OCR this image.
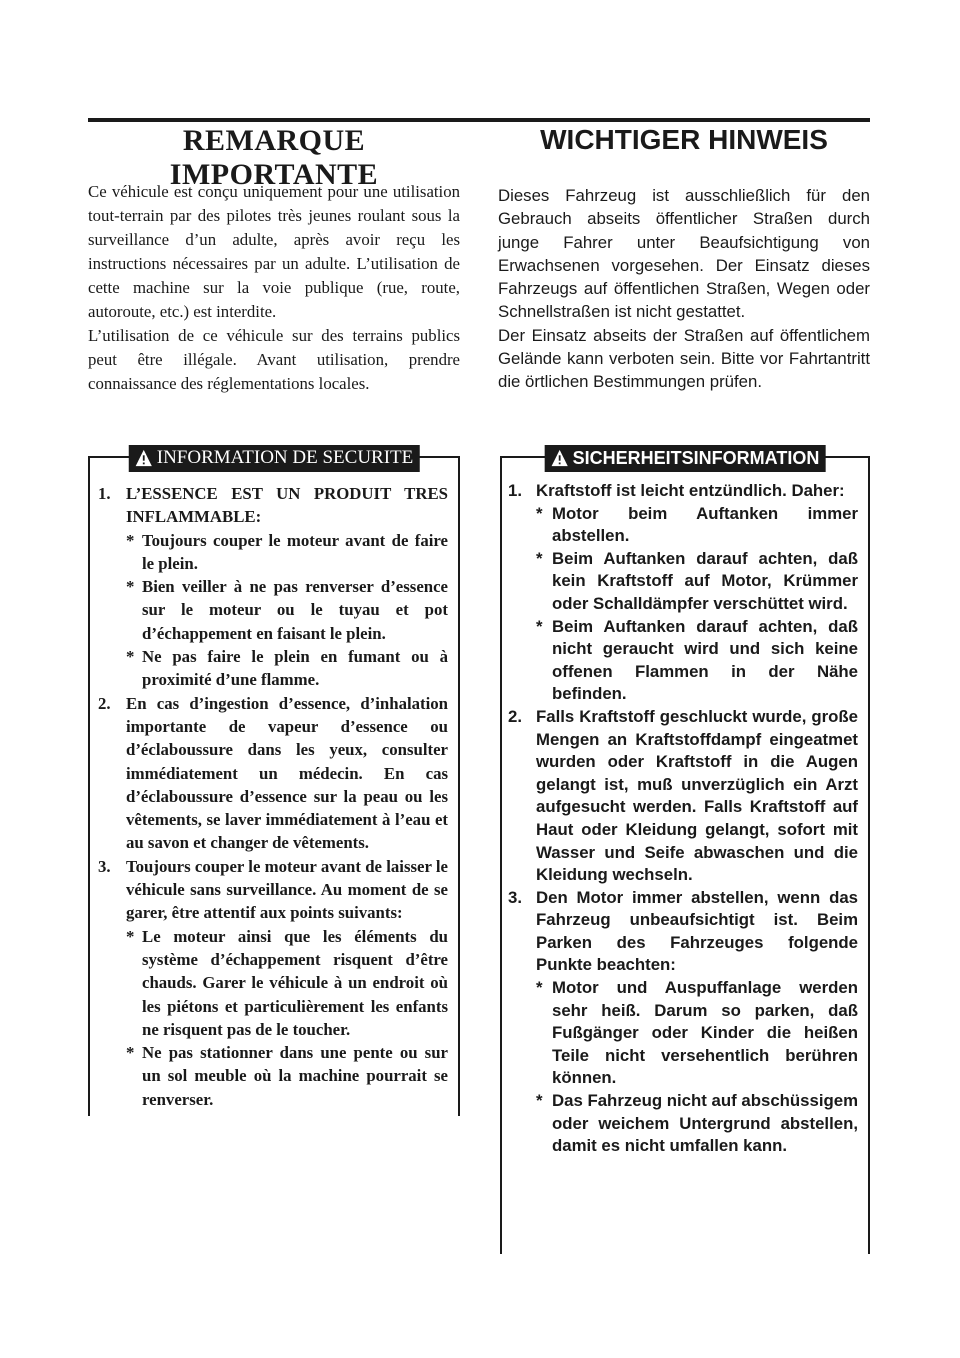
REMARQUE IMPORTANTE

Ce véhicule est conçu uniquement pour une utilisation tout-terrain par des pilotes très jeunes roulant sous la surveillance d’un adulte, après avoir reçu les instructions nécessaires par un adulte. L’utilisation de cette machine sur la voie publique (rue, route, autoroute, etc.) est interdite.

L’utilisation de ce véhicule sur des terrains publics peut être illégale. Avant utilisation, prendre connaissance des réglementations locales.

INFORMATION DE SECURITE
1. L’ESSENCE EST UN PRODUIT TRES INFLAMMABLE:
* Toujours couper le moteur avant de faire le plein.
* Bien veiller à ne pas renverser d’essence sur le moteur ou le tuyau et pot d’échappement en faisant le plein.
* Ne pas faire le plein en fumant ou à proximité d’une flamme.
2. En cas d’ingestion d’essence, d’inhalation importante de vapeur d’essence ou d’éclaboussure dans les yeux, consulter immédiatement un médecin. En cas d’éclaboussure d’essence sur la peau ou les vêtements, se laver immédiatement à l’eau et au savon et changer de vêtements.
3. Toujours couper le moteur avant de laisser le véhicule sans surveillance. Au moment de se garer, être attentif aux points suivants:
* Le moteur ainsi que les éléments du système d’échappement risquent d’être chauds. Garer le véhicule à un endroit où les piétons et particulièrement les enfants ne risquent pas de le toucher.
* Ne pas stationner dans une pente ou sur un sol meuble où la machine pourrait se renverser.
WICHTIGER HINWEIS

Dieses Fahrzeug ist ausschließlich für den Gebrauch abseits öffentlicher Straßen durch junge Fahrer unter Beaufsichtigung von Erwachsenen vorgesehen. Der Einsatz dieses Fahrzeugs auf öffentlichen Straßen, Wegen oder Schnellstraßen ist nicht gestattet.

Der Einsatz abseits der Straßen auf öffentlichem Gelände kann verboten sein. Bitte vor Fahrtantritt die örtlichen Bestimmungen prüfen.

SICHERHEITSINFORMATION
1. Kraftstoff ist leicht entzündlich. Daher:
* Motor beim Auftanken immer abstellen.
* Beim Auftanken darauf achten, daß kein Kraftstoff auf Motor, Krümmer oder Schalldämpfer verschüttet wird.
* Beim Auftanken darauf achten, daß nicht geraucht wird und sich keine offenen Flammen in der Nähe befinden.
2. Falls Kraftstoff geschluckt wurde, große Mengen an Kraftstoffdampf eingeatmet wurden oder Kraftstoff in die Augen gelangt ist, muß unverzüglich ein Arzt aufgesucht werden. Falls Kraftstoff auf Haut oder Kleidung gelangt, sofort mit Wasser und Seife abwaschen und die Kleidung wechseln.
3. Den Motor immer abstellen, wenn das Fahrzeug unbeaufsichtigt ist. Beim Parken des Fahrzeuges folgende Punkte beachten:
* Motor und Auspuffanlage werden sehr heiß. Darum so parken, daß Fußgänger oder Kinder die heißen Teile nicht versehentlich berühren können.
* Das Fahrzeug nicht auf abschüssigem oder weichem Untergrund abstellen, damit es nicht umfallen kann.
